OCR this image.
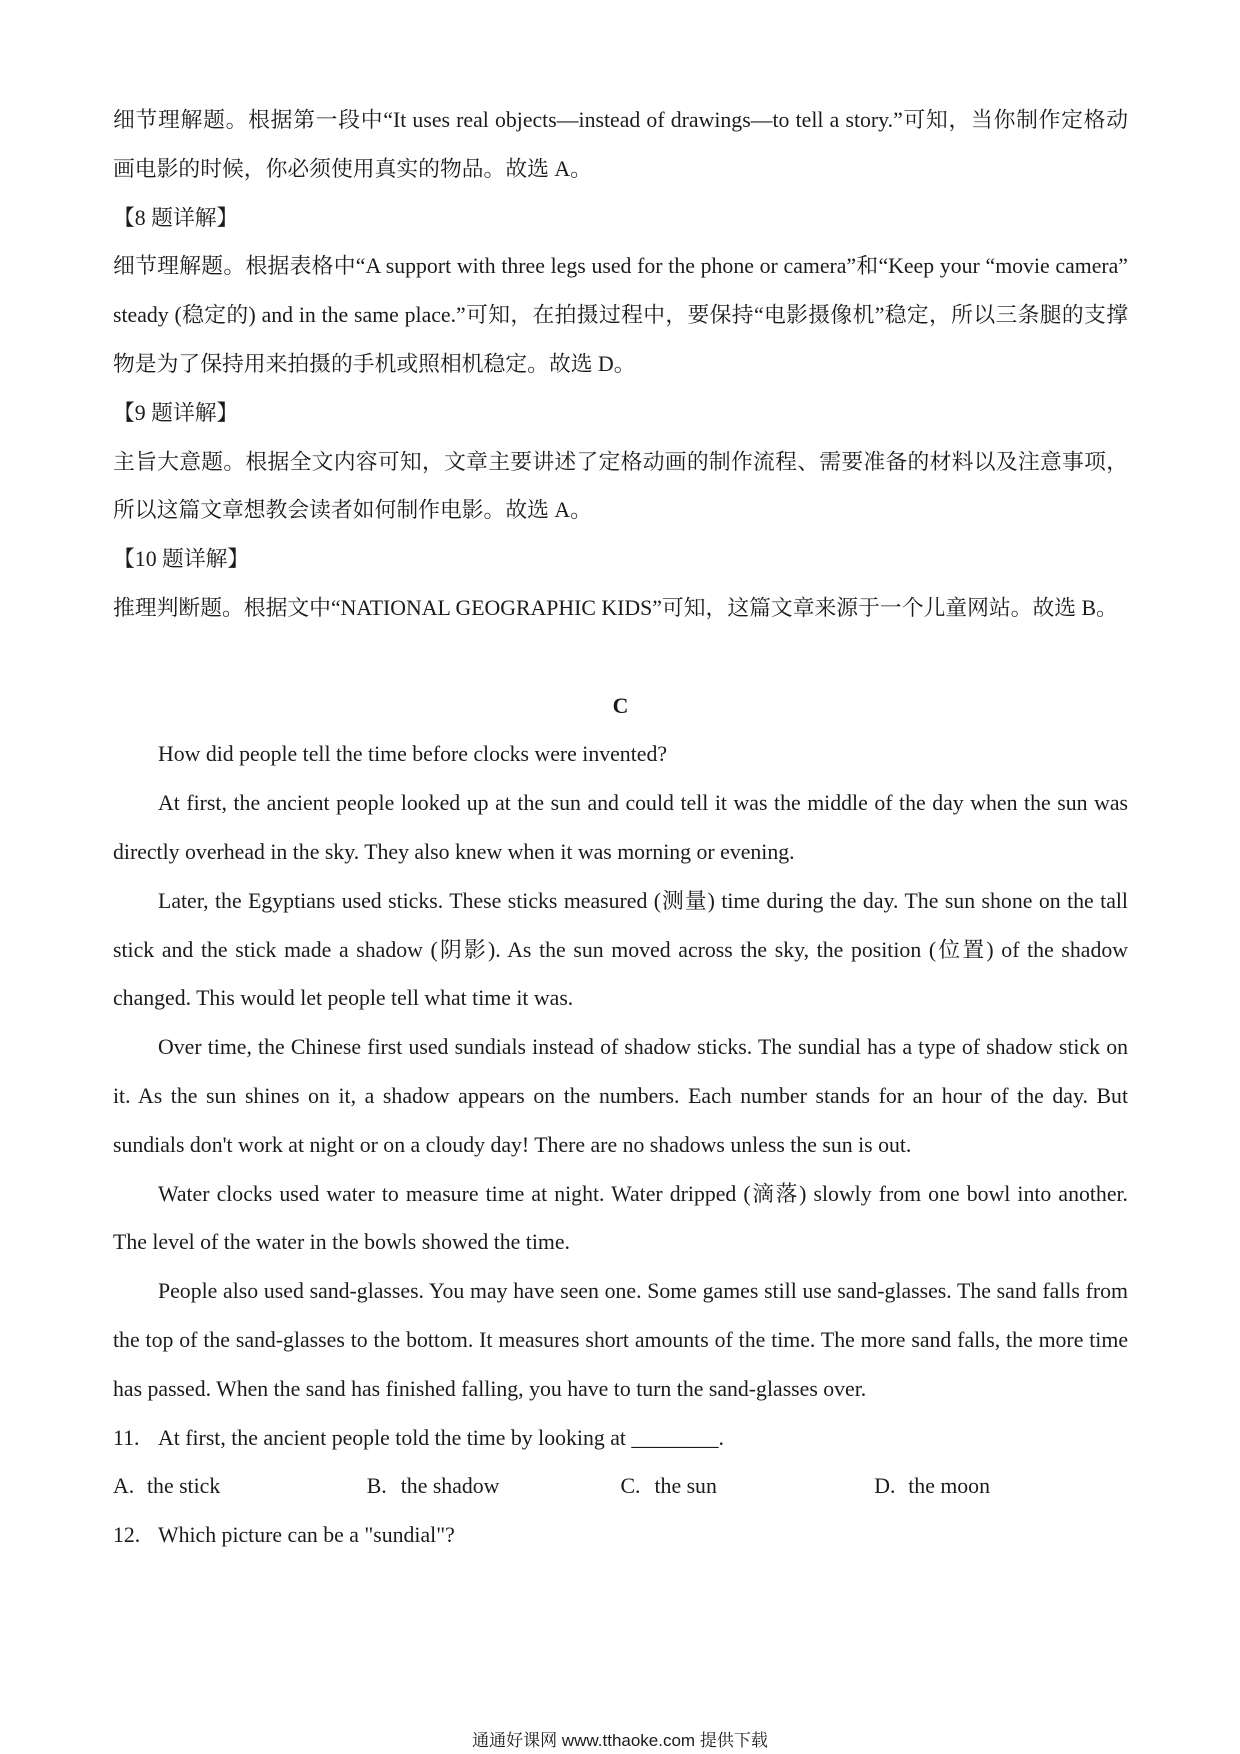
细节理解题。根据第一段中“It uses real objects—instead of drawings—to tell a story.”可知，当你制作定格动画电影的时候，你必须使用真实的物品。故选 A。

【8 题详解】

细节理解题。根据表格中“A support with three legs used for the phone or camera”和“Keep your “movie camera” steady (稳定的) and in the same place.”可知，在拍摄过程中，要保持“电影摄像机”稳定，所以三条腿的支撑物是为了保持用来拍摄的手机或照相机稳定。故选 D。

【9 题详解】

主旨大意题。根据全文内容可知，文章主要讲述了定格动画的制作流程、需要准备的材料以及注意事项，所以这篇文章想教会读者如何制作电影。故选 A。

【10 题详解】

推理判断题。根据文中“NATIONAL GEOGRAPHIC KIDS”可知，这篇文章来源于一个儿童网站。故选 B。

C

How did people tell the time before clocks were invented?

At first, the ancient people looked up at the sun and could tell it was the middle of the day when the sun was directly overhead in the sky. They also knew when it was morning or evening.

Later, the Egyptians used sticks. These sticks measured (测量) time during the day. The sun shone on the tall stick and the stick made a shadow (阴影). As the sun moved across the sky, the position (位置) of the shadow changed. This would let people tell what time it was.

Over time, the Chinese first used sundials instead of shadow sticks. The sundial has a type of shadow stick on it. As the sun shines on it, a shadow appears on the numbers. Each number stands for an hour of the day. But sundials don't work at night or on a cloudy day! There are no shadows unless the sun is out.

Water clocks used water to measure time at night. Water dripped (滴落) slowly from one bowl into another. The level of the water in the bowls showed the time.

People also used sand-glasses. You may have seen one. Some games still use sand-glasses. The sand falls from the top of the sand-glasses to the bottom. It measures short amounts of the time. The more sand falls, the more time has passed. When the sand has finished falling, you have to turn the sand-glasses over.

11. At first, the ancient people told the time by looking at ________.
A. the stick	B. the shadow	C. the sun	D. the moon
12. Which picture can be a "sundial"?
通通好课网 www.tthaoke.com 提供下载
